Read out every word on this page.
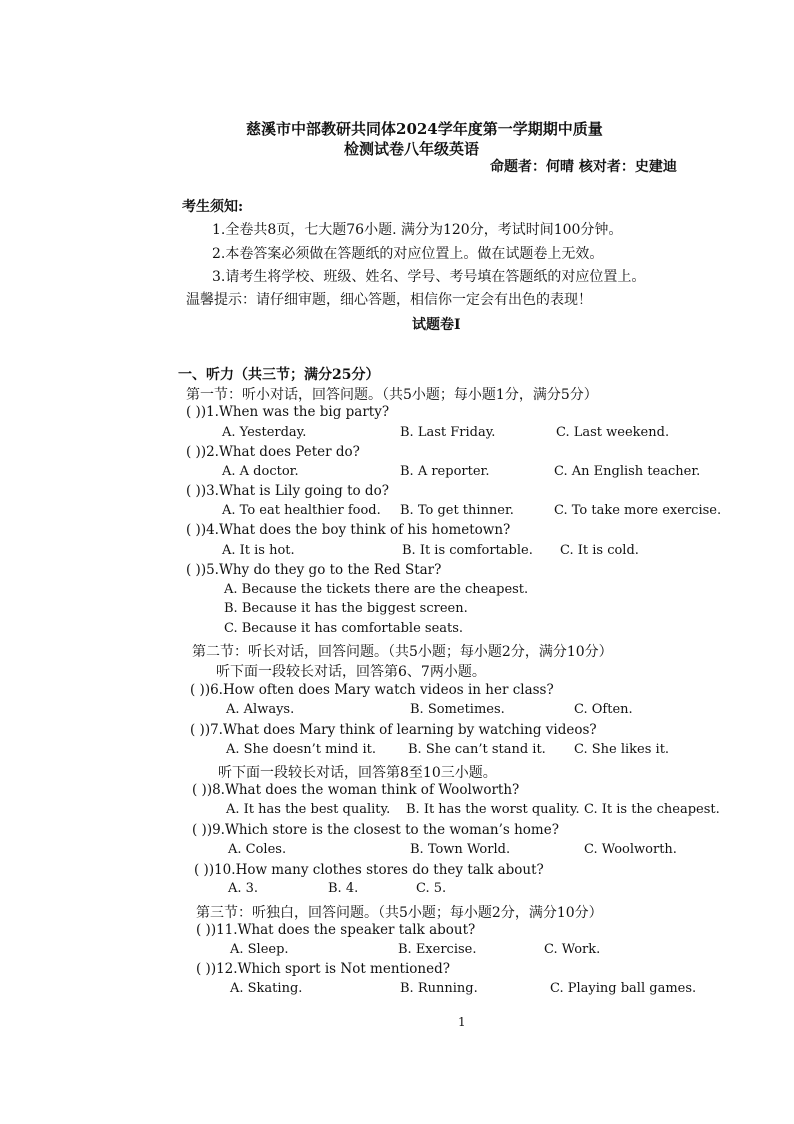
慈溪市中部教研共同体2024学年度第一学期期中质量
检测试卷八年级英语
命题者：何晴 核对者：史建迪
考生须知:
1.全卷共8页，七大题76小题. 满分为120分，考试时间100分钟。
2.本卷答案必须做在答题纸的对应位置上。做在试题卷上无效。
3.请考生将学校、班级、姓名、学号、考号填在答题纸的对应位置上。
温馨提示：请仔细审题，细心答题，相信你一定会有出色的表现！
试题卷Ⅰ
一、听力（共三节；满分25分）
第一节：听小对话，回答问题。（共5小题；每小题1分，满分5分）
( ))1.When was the big party?
A. Yesterday.	B. Last Friday.	C. Last weekend.
( ))2.What does Peter do?
A. A doctor.	B. A reporter.	C. An English teacher.
( ))3.What is Lily going to do?
A. To eat healthier food. B. To get thinner.	C. To take more exercise.
( ))4.What does the boy think of his hometown?
A. It is hot.	B. It is comfortable. C. It is cold.
( ))5.Why do they go to the Red Star?
A. Because the tickets there are the cheapest.
B. Because it has the biggest screen.
C. Because it has comfortable seats.
第二节：听长对话，回答问题。（共5小题；每小题2分，满分10分）
听下面一段较长对话，回答第6、7两小题。
( ))6.How often does Mary watch videos in her class?
A. Always.	B. Sometimes.	C. Often.
( ))7.What does Mary think of learning by watching videos?
A. She doesn’t mind it. B. She can’t stand it. C. She likes it.
听下面一段较长对话，回答第8至10三小题。
( ))8.What does the woman think of Woolworth?
A. It has the best quality. B. It has the worst quality. C. It is the cheapest.
( ))9.Which store is the closest to the woman’s home?
A. Coles.	B. Town World.	C. Woolworth.
( ))10.How many clothes stores do they talk about?
A. 3.	B. 4.	C. 5.
第三节：听独白，回答问题。（共5小题；每小题2分，满分10分）
( ))11.What does the speaker talk about?
A. Sleep.	B. Exercise.	C. Work.
( ))12.Which sport is Not mentioned?
A. Skating.	B. Running.	C. Playing ball games.
1
